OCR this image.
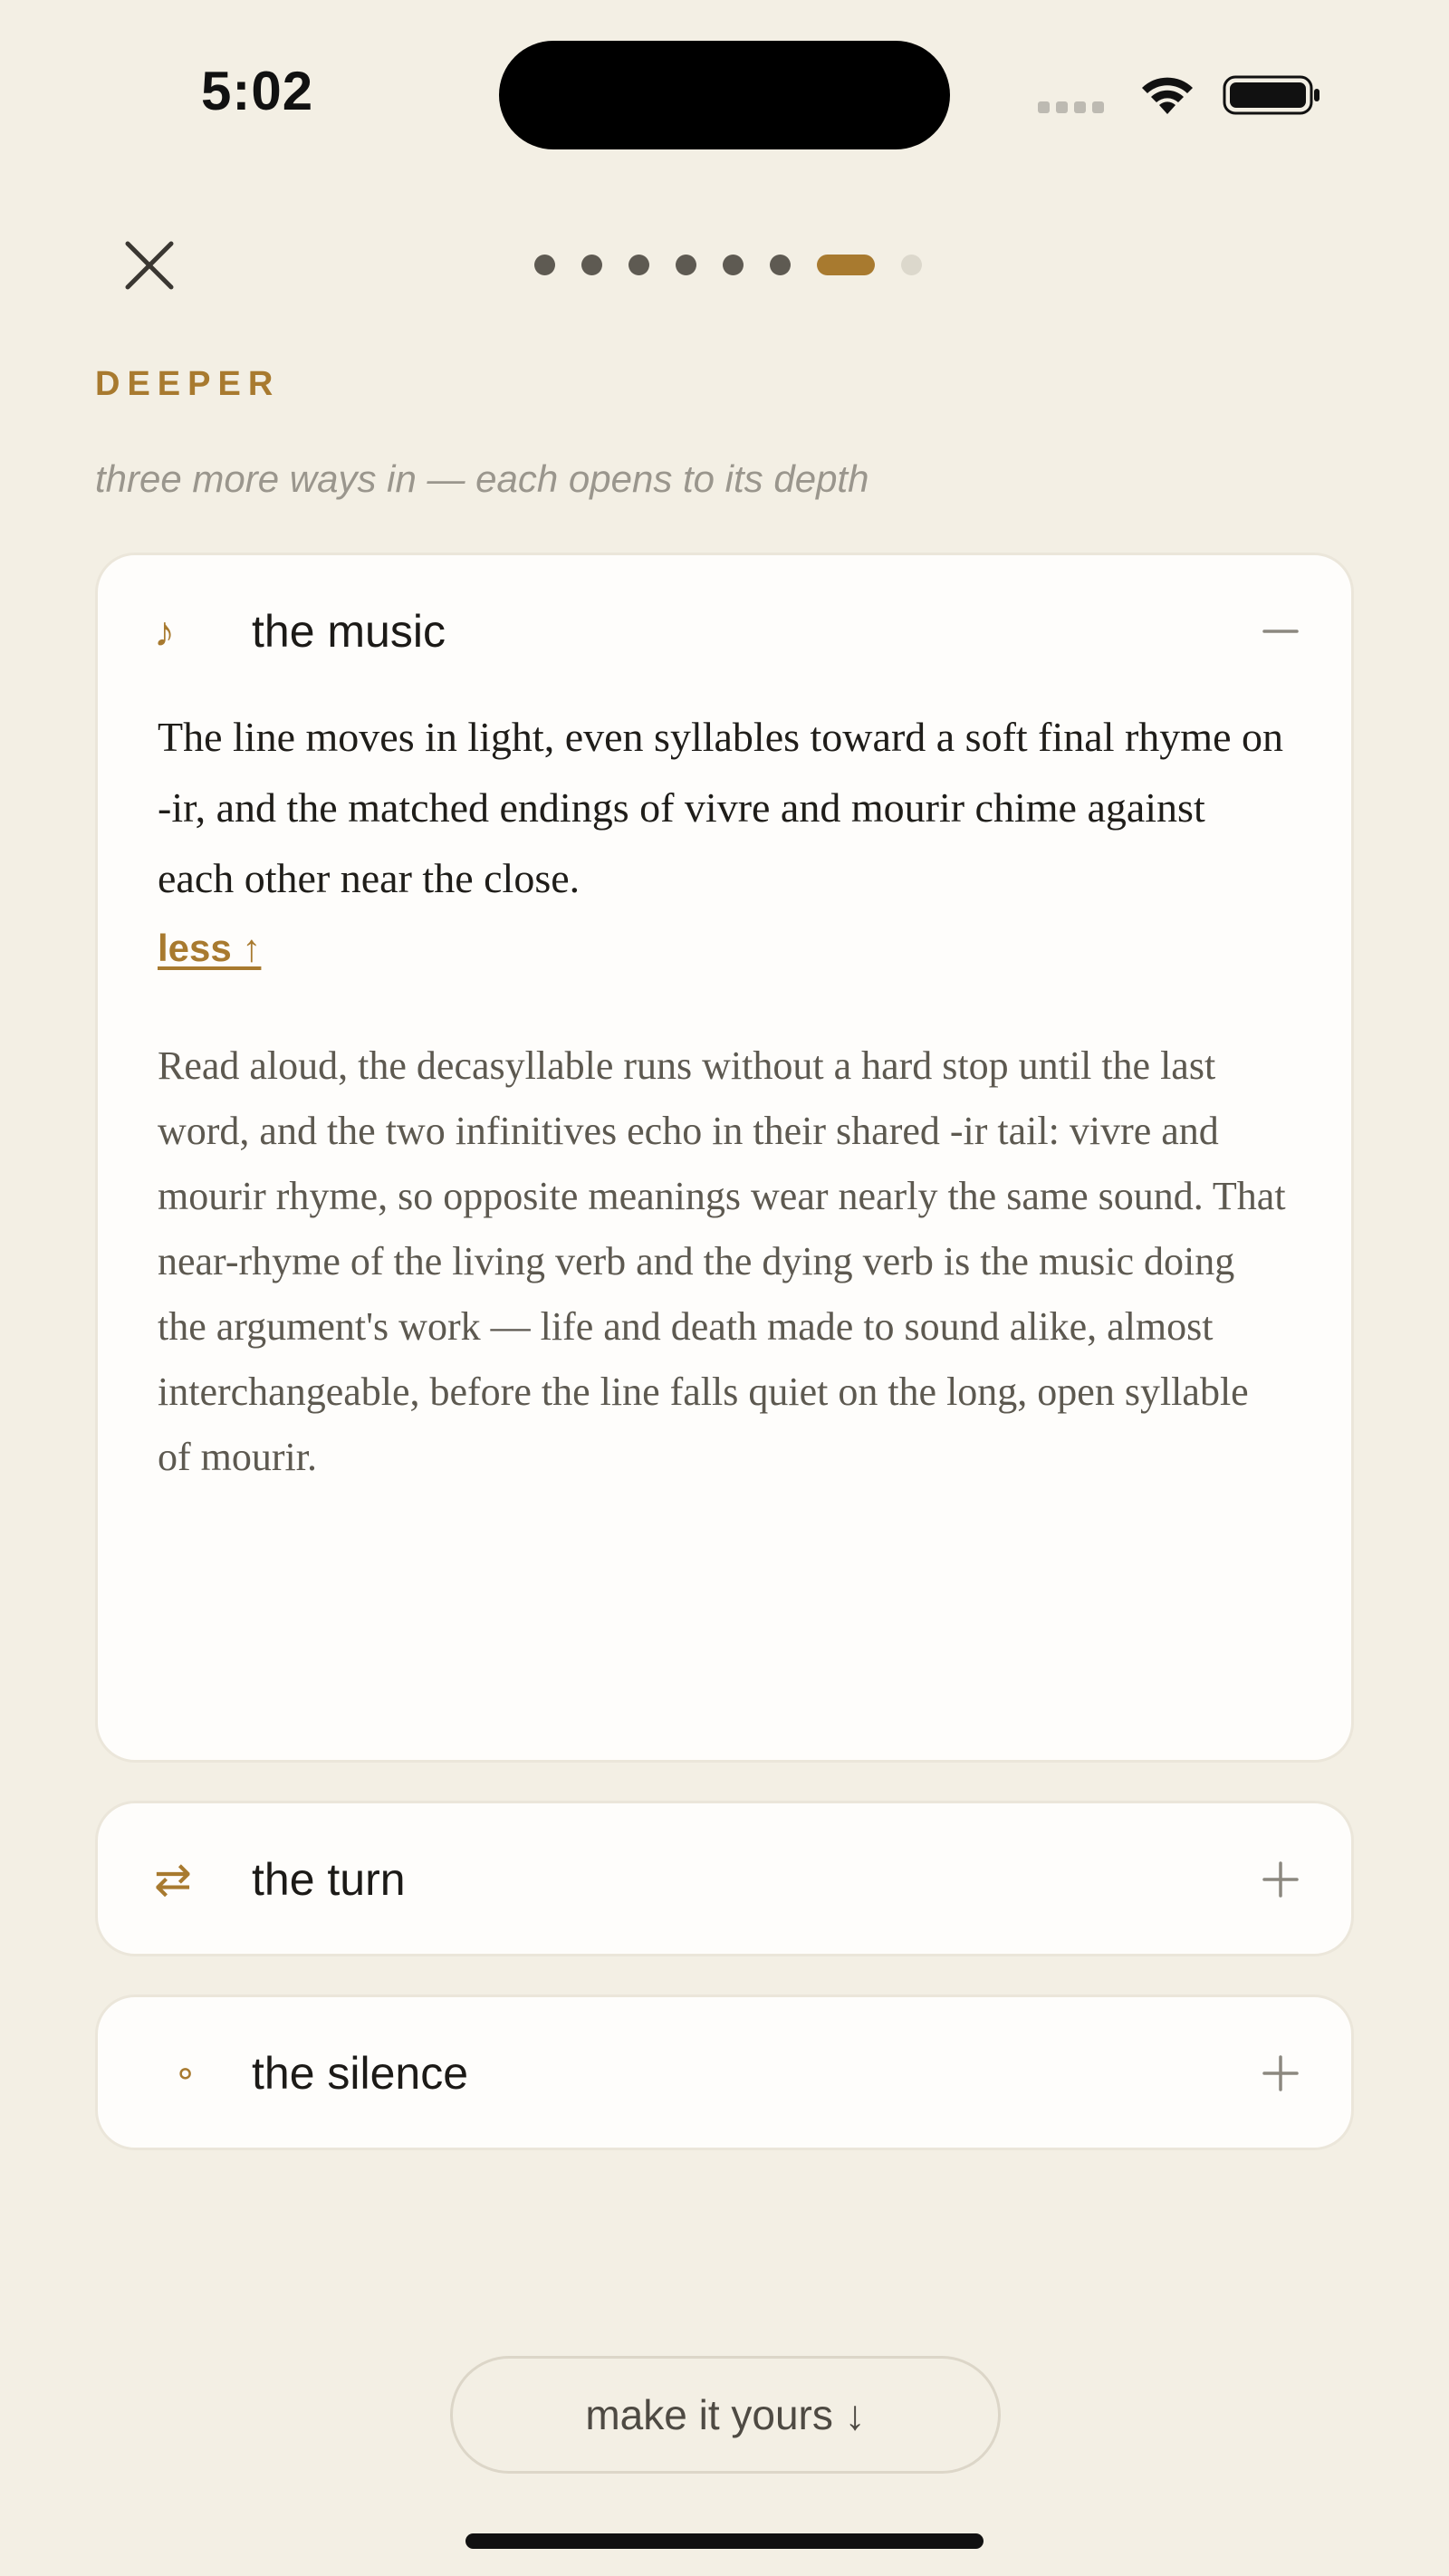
5:02
DEEPER
three more ways in — each opens to its depth
♪ the music

The line moves in light, even syllables toward a soft final rhyme on -ir, and the matched endings of vivre and mourir chime against each other near the close.

less ↑

Read aloud, the decasyllable runs without a hard stop until the last word, and the two infinitives echo in their shared -ir tail: vivre and mourir rhyme, so opposite meanings wear nearly the same sound. That near-rhyme of the living verb and the dying verb is the music doing the argument's work — life and death made to sound alike, almost interchangeable, before the line falls quiet on the long, open syllable of mourir.

⇄ the turn
∘ the silence
make it yours ↓
